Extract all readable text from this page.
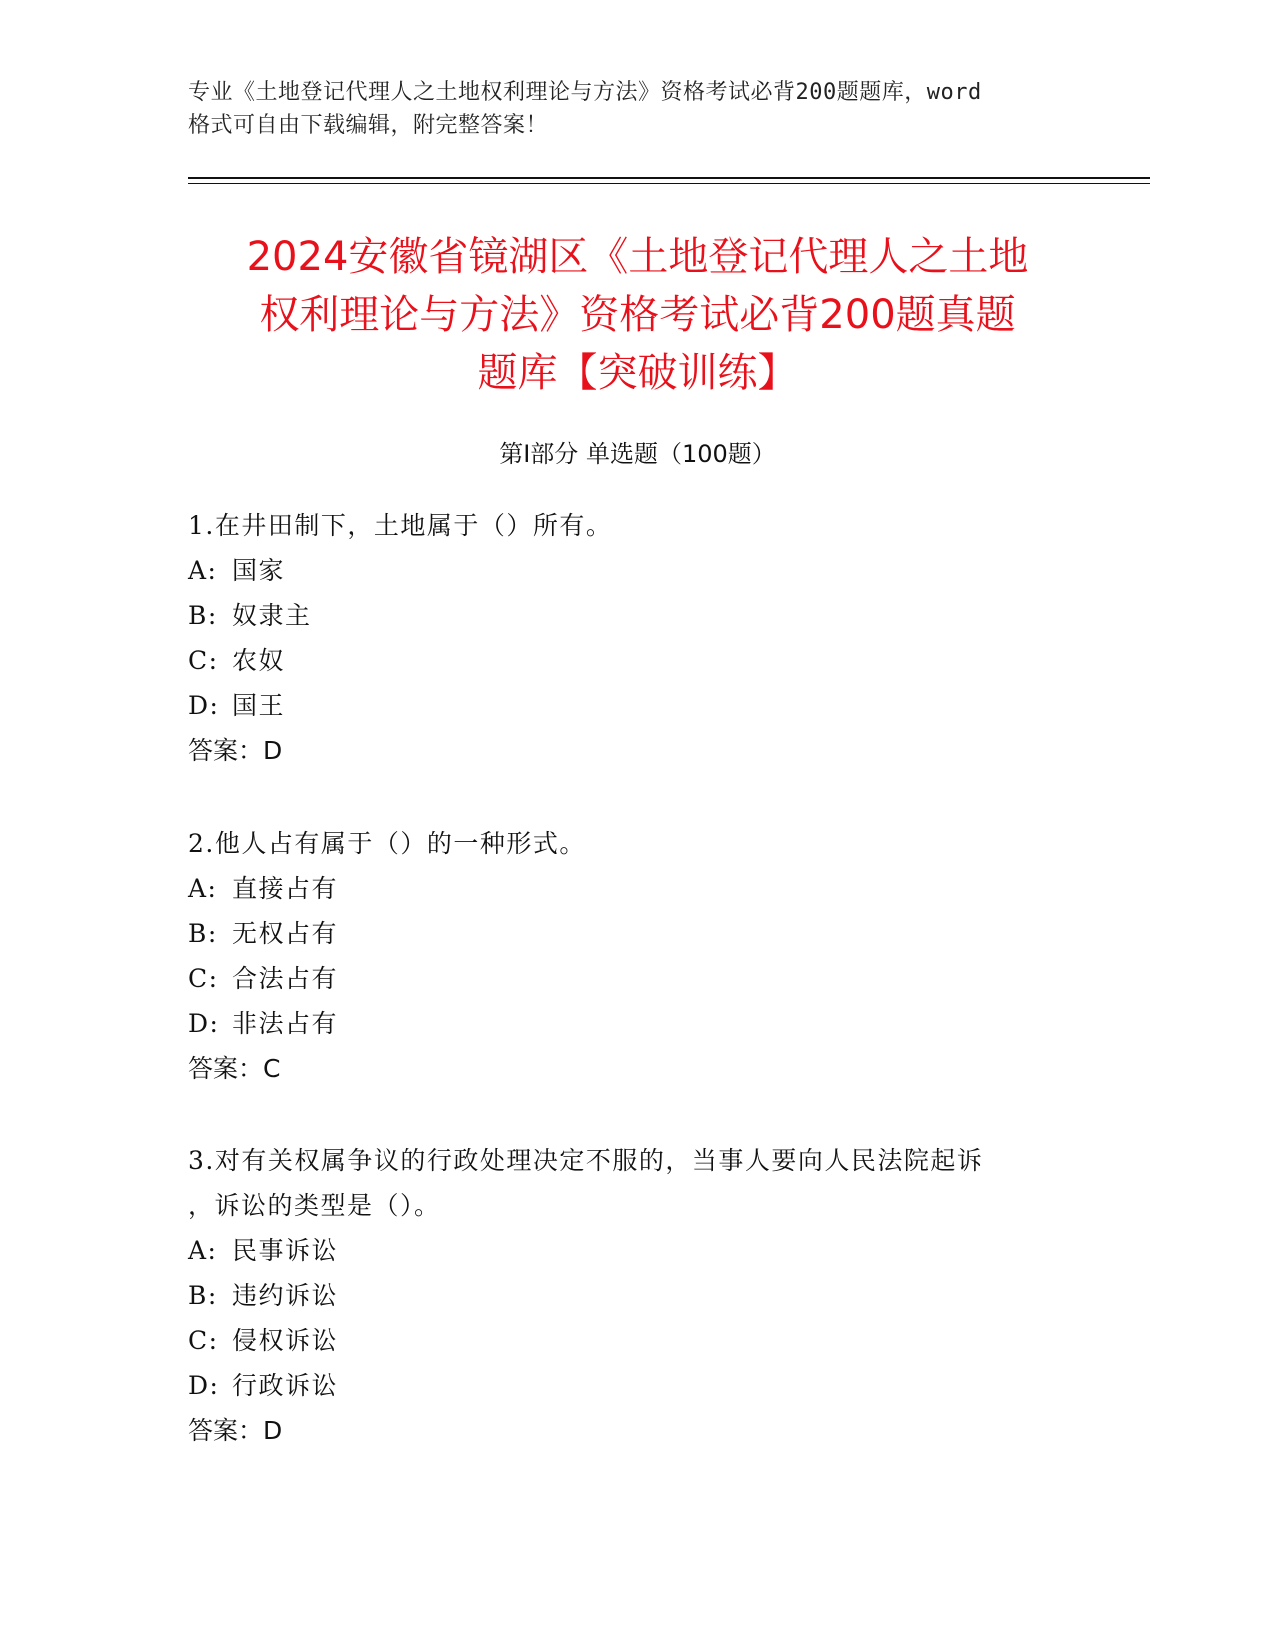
专业《土地登记代理人之土地权利理论与方法》资格考试必背200题题库，word
格式可自由下载编辑，附完整答案！
2024安徽省镜湖区《土地登记代理人之土地
权利理论与方法》资格考试必背200题真题
题库【突破训练】
第I部分 单选题（100题）

1.在井田制下，土地属于（）所有。

A: 国家

B: 奴隶主

C: 农奴

D: 国王

答案：D

2.他人占有属于（）的一种形式。

A: 直接占有

B: 无权占有

C: 合法占有

D: 非法占有

答案：C

3.对有关权属争议的行政处理决定不服的，当事人要向人民法院起诉

，诉讼的类型是（）。

A: 民事诉讼

B: 违约诉讼

C: 侵权诉讼

D: 行政诉讼

答案：D
